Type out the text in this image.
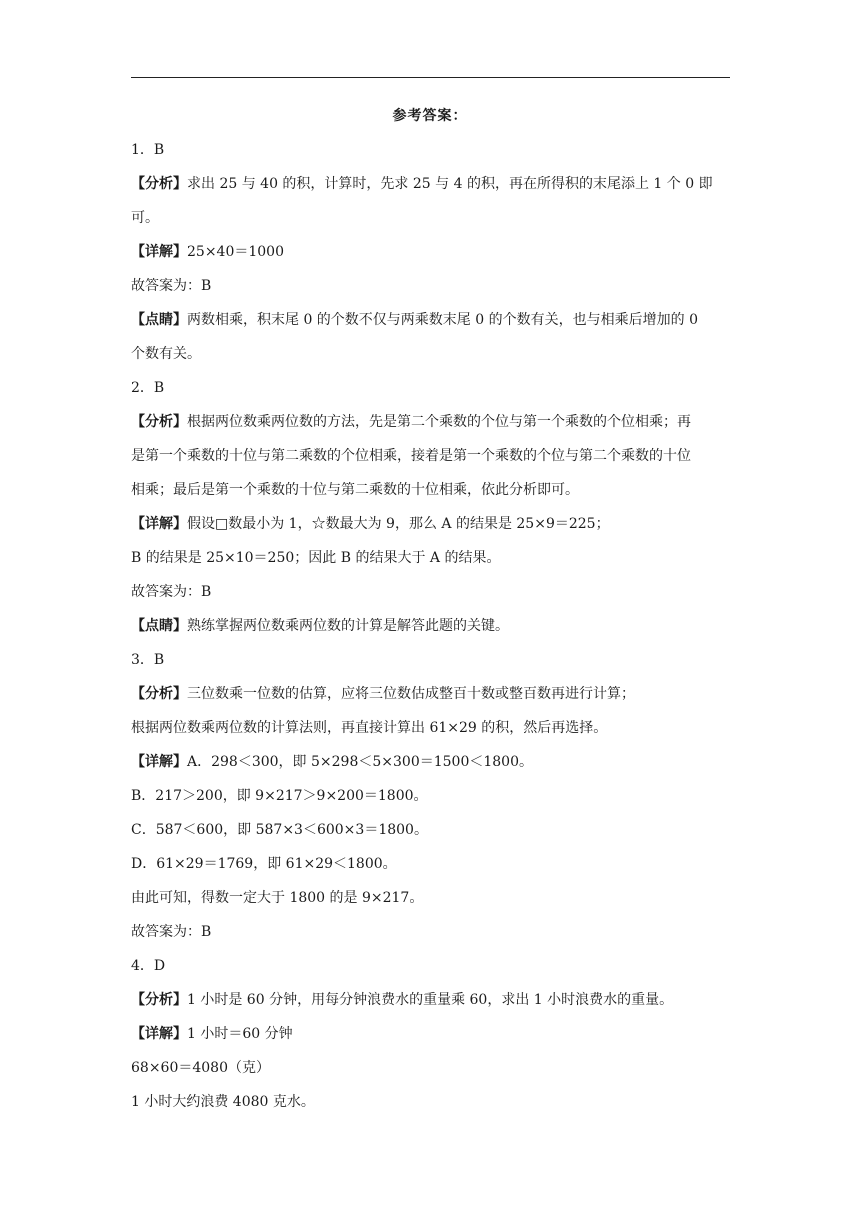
参考答案：
1．B
【分析】求出 25 与 40 的积，计算时，先求 25 与 4 的积，再在所得积的末尾添上 1 个 0 即
可。
【详解】25×40＝1000
故答案为：B
【点睛】两数相乘，积末尾 0 的个数不仅与两乘数末尾 0 的个数有关，也与相乘后增加的 0
个数有关。
2．B
【分析】根据两位数乘两位数的方法，先是第二个乘数的个位与第一个乘数的个位相乘；再
是第一个乘数的十位与第二乘数的个位相乘，接着是第一个乘数的个位与第二个乘数的十位
相乘；最后是第一个乘数的十位与第二乘数的十位相乘，依此分析即可。
【详解】假设□数最小为 1，☆数最大为 9，那么 A 的结果是 25×9＝225；
B 的结果是 25×10＝250；因此 B 的结果大于 A 的结果。
故答案为：B
【点睛】熟练掌握两位数乘两位数的计算是解答此题的关键。
3．B
【分析】三位数乘一位数的估算，应将三位数估成整百十数或整百数再进行计算；
根据两位数乘两位数的计算法则，再直接计算出 61×29 的积，然后再选择。
【详解】A．298＜300，即 5×298＜5×300＝1500＜1800。
B．217＞200，即 9×217＞9×200＝1800。
C．587＜600，即 587×3＜600×3＝1800。
D．61×29＝1769，即 61×29＜1800。
由此可知，得数一定大于 1800 的是 9×217。
故答案为：B
4．D
【分析】1 小时是 60 分钟，用每分钟浪费水的重量乘 60，求出 1 小时浪费水的重量。
【详解】1 小时＝60 分钟
68×60＝4080（克）
1 小时大约浪费 4080 克水。
